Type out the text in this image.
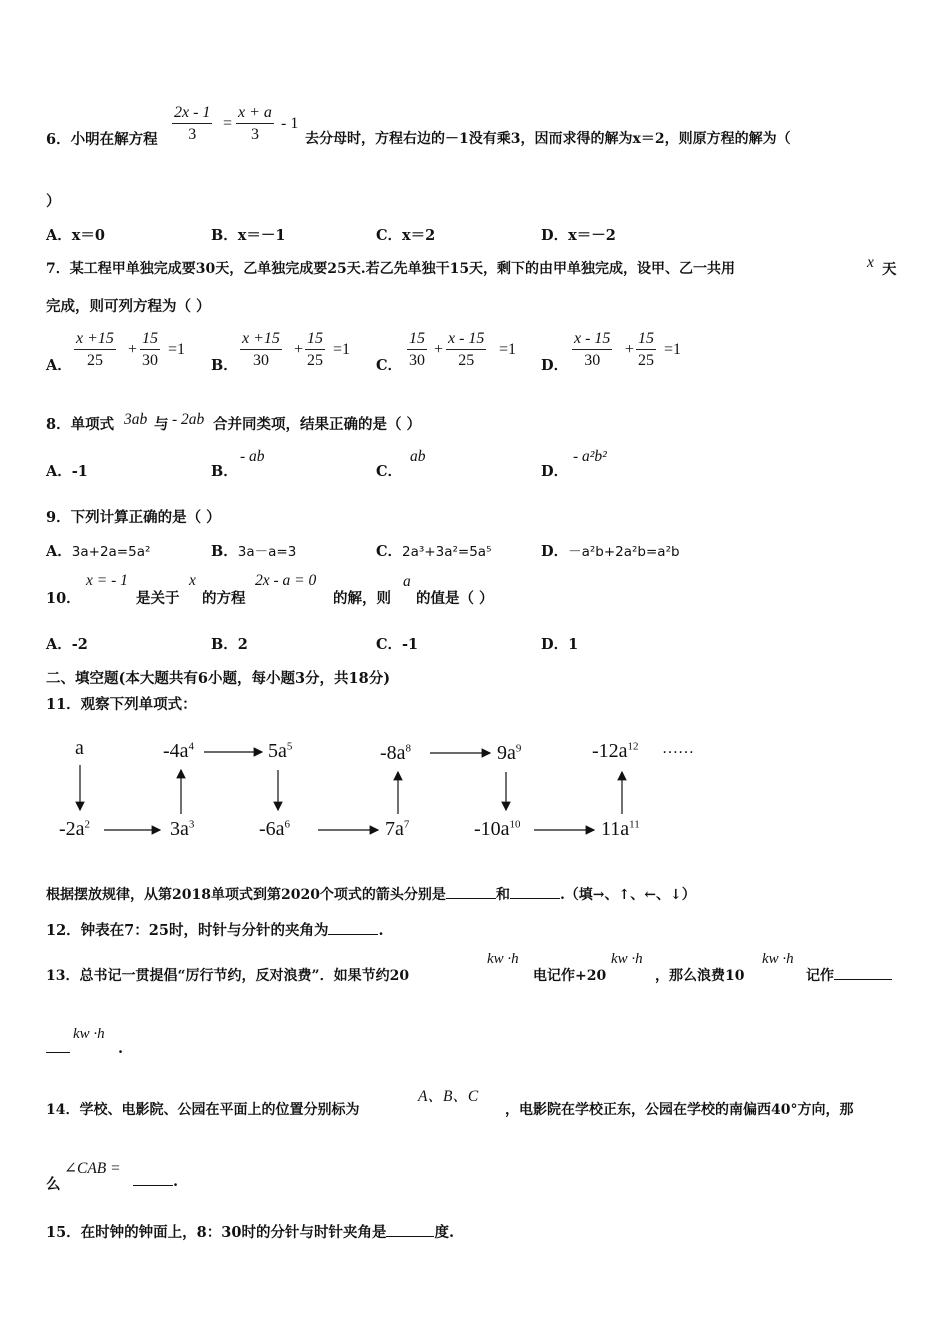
6．小明在解方程 $\frac{2x - 1}{3} = \frac{x + a}{3} - 1$
去分母时，方程右边的－1没有乘3，因而求得的解为x＝2，则原方程的解为（
）
A．x＝0	B．x＝－1	C．x＝2	D．x＝－2
7．某工程甲单独完成要30天，乙单独完成要25天.若乙先单独干15天，剩下的由甲单独完成，设甲、乙一共用	x 天
完成，则可列方程为（ ）
A． $\frac{x +15}{25} + \frac{15}{30} =1$
B． $\frac{x +15}{30} + \frac{15}{25} =1$
C． $\frac{15}{30} + \frac{x - 15}{25} =1$
D． $\frac{x - 15}{30} + \frac{15}{25} =1$
8．单项式 3ab 与 - 2ab 合并同类项，结果正确的是（ ）
A．-1	B．
- ab
C．
ab
D．
- a²b²
9．下列计算正确的是（ ）
A．3a+2a=5a²	B．3a－a=3	C．2a³+3a²=5a⁵	D．－a²b+2a²b=a²b
10．
x = - 1
是关于
x
的方程
2x - a = 0
的解，则
a
的值是（ ）
A．-2	B．2	C．-1	D．1
二、填空题(本大题共有6小题，每小题3分，共18分)
11．观察下列单项式：
a
$-2a^2$	$3a^3$
$-4a^4$	$5a^5$
$-6a^6$	$7a^7$
$-8a^8$	$9a^9$
$-10a^{10}$	$11a^{11}$
$-12a^{12}$ ……
根据摆放规律，从第2018单项式到第2020个项式的箭头分别是	和	.（填→、↑、←、↓）
12．钟表在7：25时，时针与分针的夹角为	.
13．总书记一贯提倡“厉行节约，反对浪费”．如果节约20
kw ·h
电记作+20
kw ·h
，那么浪费10
kw ·h
记作
kw ·h
.
14．学校、电影院、公园在平面上的位置分别标为
A、B、C
，电影院在学校正东，公园在学校的南偏西40°方向，那
么
∠CAB =
.
15．在时钟的钟面上，8：30时的分针与时针夹角是	度.
